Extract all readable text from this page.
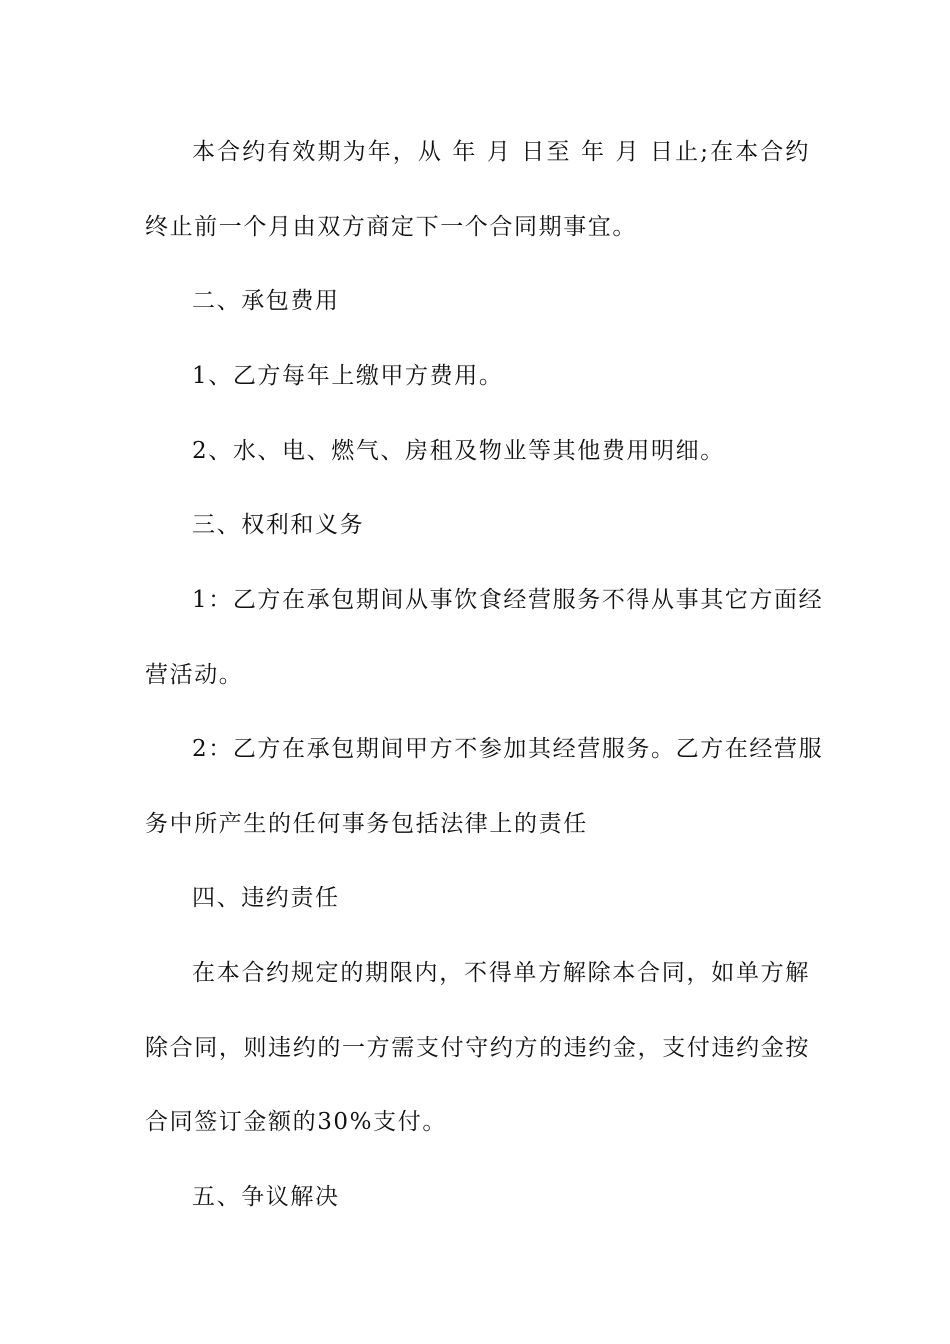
本合约有效期为年，从 年 月 日至 年 月 日止;在本合约
终止前一个月由双方商定下一个合同期事宜。
二、承包费用
1、乙方每年上缴甲方费用。
2、水、电、燃气、房租及物业等其他费用明细。
三、权利和义务
1：乙方在承包期间从事饮食经营服务不得从事其它方面经
营活动。
2：乙方在承包期间甲方不参加其经营服务。乙方在经营服
务中所产生的任何事务包括法律上的责任
四、违约责任
在本合约规定的期限内，不得单方解除本合同，如单方解
除合同，则违约的一方需支付守约方的违约金，支付违约金按
合同签订金额的30%支付。
五、争议解决
